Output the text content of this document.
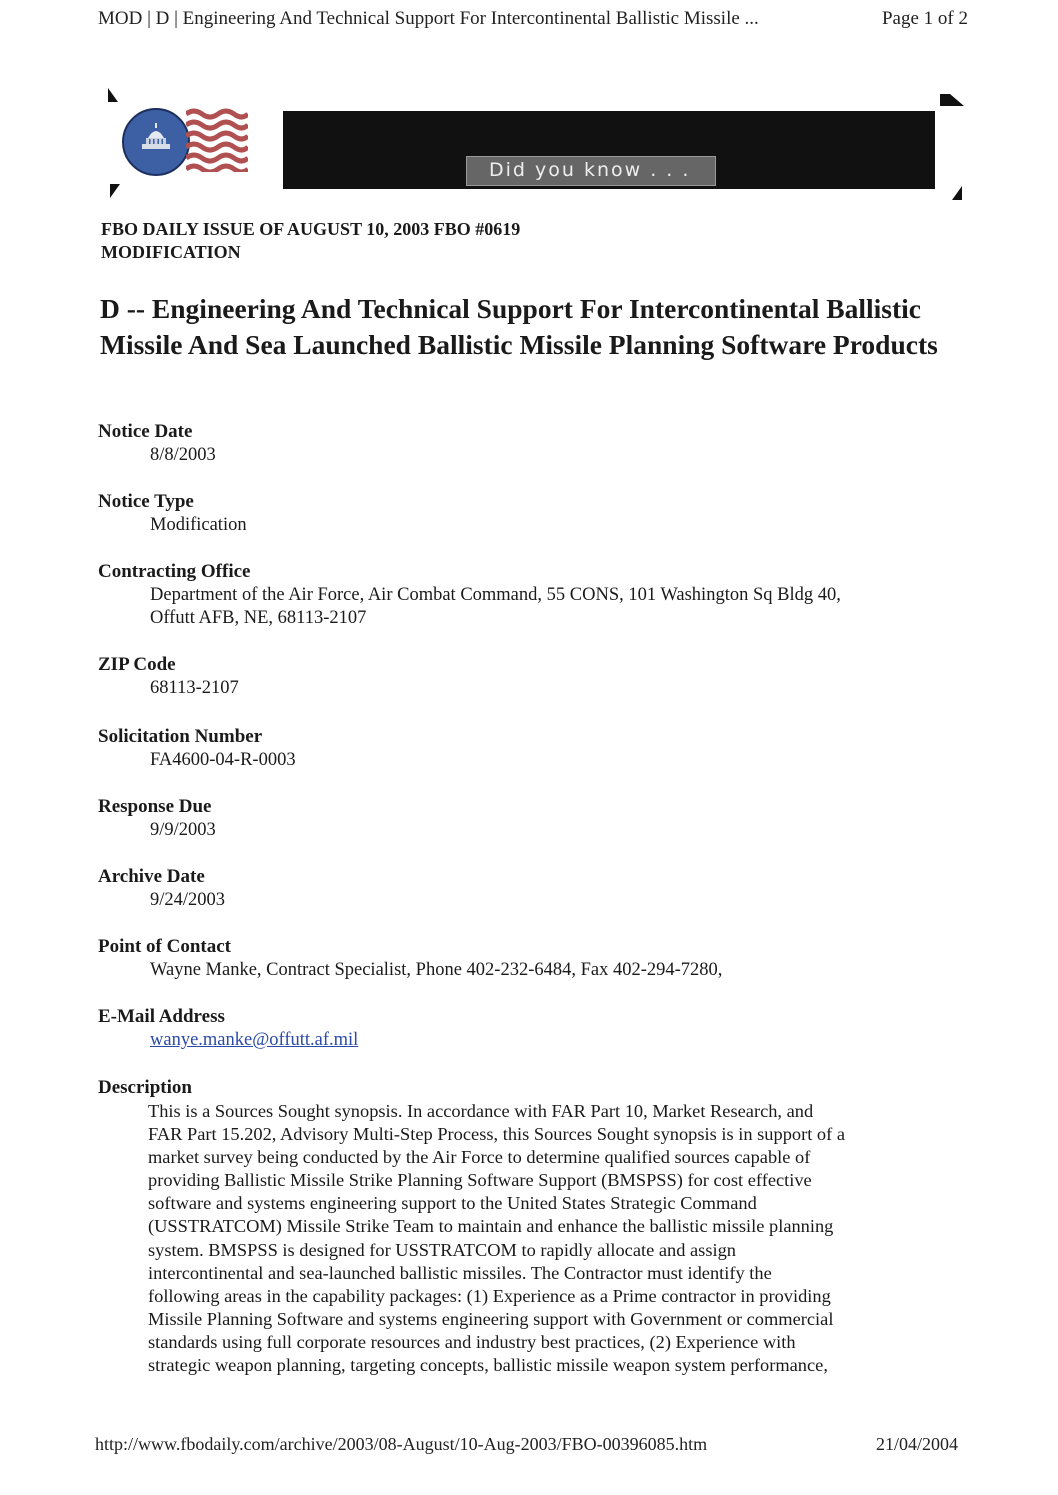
MOD | D | Engineering And Technical Support For Intercontinental Ballistic Missile ...	Page 1 of 2
Did you know . . .
FBO DAILY ISSUE OF AUGUST 10, 2003 FBO #0619
MODIFICATION
D -- Engineering And Technical Support For Intercontinental Ballistic Missile And Sea Launched Ballistic Missile Planning Software Products
Notice Date
8/8/2003
Notice Type
Modification
Contracting Office
Department of the Air Force, Air Combat Command, 55 CONS, 101 Washington Sq Bldg 40,
Offutt AFB, NE, 68113-2107
ZIP Code
68113-2107
Solicitation Number
FA4600-04-R-0003
Response Due
9/9/2003
Archive Date
9/24/2003
Point of Contact
Wayne Manke, Contract Specialist, Phone 402-232-6484, Fax 402-294-7280,
E-Mail Address
wanye.manke@offutt.af.mil
Description
This is a Sources Sought synopsis. In accordance with FAR Part 10, Market Research, and
FAR Part 15.202, Advisory Multi-Step Process, this Sources Sought synopsis is in support of a
market survey being conducted by the Air Force to determine qualified sources capable of
providing Ballistic Missile Strike Planning Software Support (BMSPSS) for cost effective
software and systems engineering support to the United States Strategic Command
(USSTRATCOM) Missile Strike Team to maintain and enhance the ballistic missile planning
system. BMSPSS is designed for USSTRATCOM to rapidly allocate and assign
intercontinental and sea-launched ballistic missiles. The Contractor must identify the
following areas in the capability packages: (1) Experience as a Prime contractor in providing
Missile Planning Software and systems engineering support with Government or commercial
standards using full corporate resources and industry best practices, (2) Experience with
strategic weapon planning, targeting concepts, ballistic missile weapon system performance,
http://www.fbodaily.com/archive/2003/08-August/10-Aug-2003/FBO-00396085.htm	21/04/2004
